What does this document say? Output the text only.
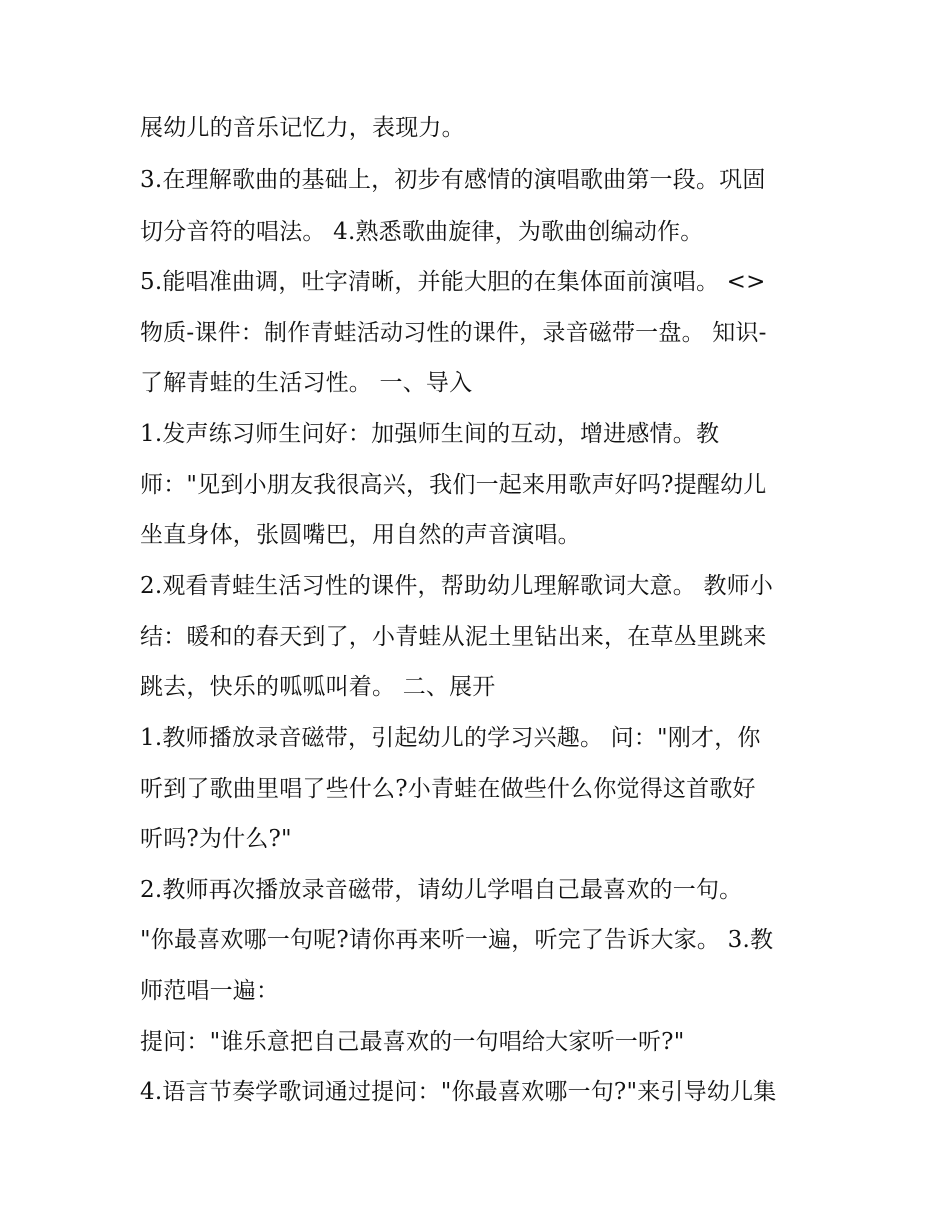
展幼儿的音乐记忆力，表现力。
3.在理解歌曲的基础上，初步有感情的演唱歌曲第一段。巩固
切分音符的唱法。 4.熟悉歌曲旋律，为歌曲创编动作。
5.能唱准曲调，吐字清晰，并能大胆的在集体面前演唱。 <>
物质-课件：制作青蛙活动习性的课件，录音磁带一盘。 知识-
了解青蛙的生活习性。 一、导入
1.发声练习师生问好：加强师生间的互动，增进感情。教
师："见到小朋友我很高兴，我们一起来用歌声好吗?提醒幼儿
坐直身体，张圆嘴巴，用自然的声音演唱。
2.观看青蛙生活习性的课件，帮助幼儿理解歌词大意。 教师小
结：暖和的春天到了，小青蛙从泥土里钻出来，在草丛里跳来
跳去，快乐的呱呱叫着。 二、展开
1.教师播放录音磁带，引起幼儿的学习兴趣。 问："刚才，你
听到了歌曲里唱了些什么?小青蛙在做些什么你觉得这首歌好
听吗?为什么?"
2.教师再次播放录音磁带，请幼儿学唱自己最喜欢的一句。
"你最喜欢哪一句呢?请你再来听一遍，听完了告诉大家。 3.教
师范唱一遍：
提问："谁乐意把自己最喜欢的一句唱给大家听一听?"
4.语言节奏学歌词通过提问："你最喜欢哪一句?"来引导幼儿集
